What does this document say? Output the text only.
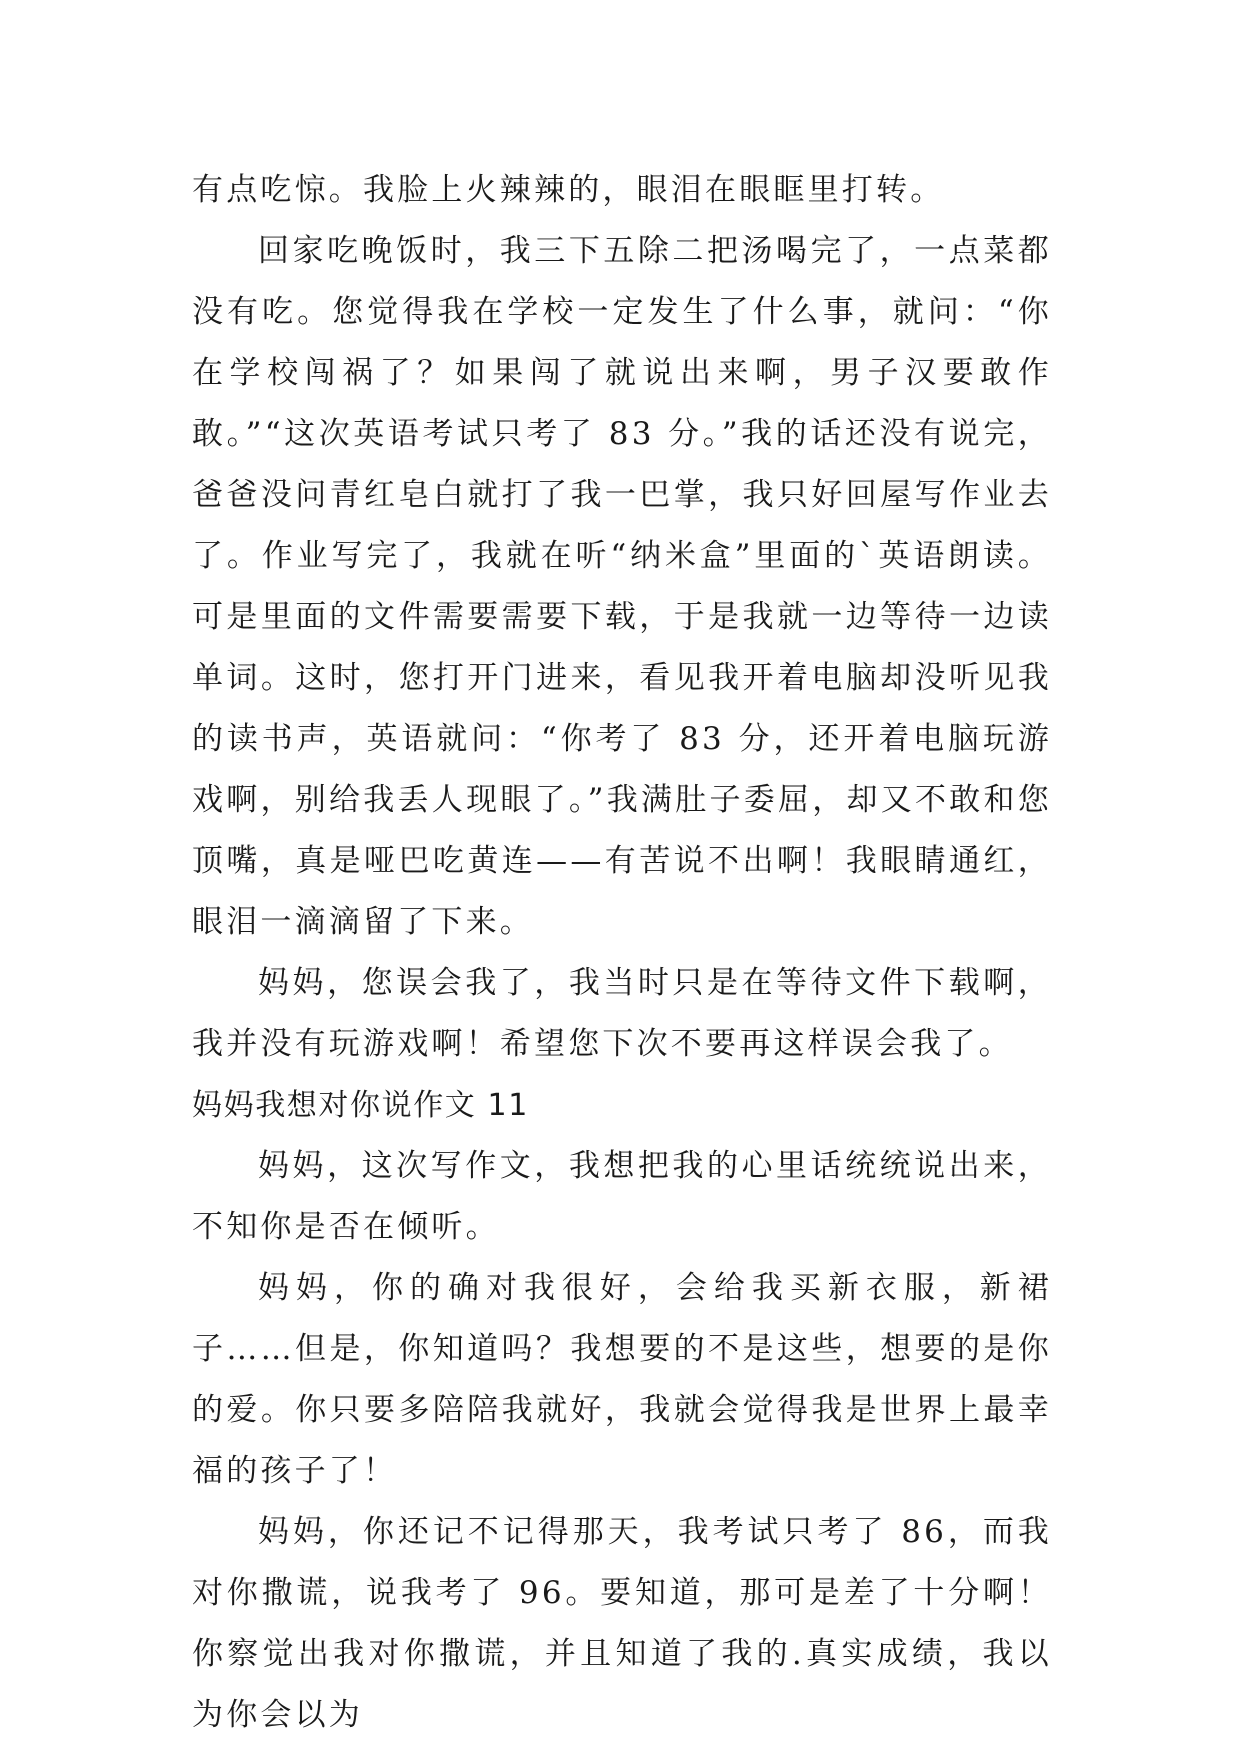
有点吃惊。我脸上火辣辣的，眼泪在眼眶里打转。

回家吃晚饭时，我三下五除二把汤喝完了，一点菜都没有吃。您觉得我在学校一定发生了什么事，就问：“你在学校闯祸了？如果闯了就说出来啊，男子汉要敢作敢。”“这次英语考试只考了 83 分。”我的话还没有说完，爸爸没问青红皂白就打了我一巴掌，我只好回屋写作业去了。作业写完了，我就在听“纳米盒”里面的`英语朗读。可是里面的文件需要需要下载，于是我就一边等待一边读单词。这时，您打开门进来，看见我开着电脑却没听见我的读书声，英语就问：“你考了 83 分，还开着电脑玩游戏啊，别给我丢人现眼了。”我满肚子委屈，却又不敢和您顶嘴，真是哑巴吃黄连——有苦说不出啊！我眼睛通红，眼泪一滴滴留了下来。

妈妈，您误会我了，我当时只是在等待文件下载啊，我并没有玩游戏啊！希望您下次不要再这样误会我了。

妈妈我想对你说作文 11

妈妈，这次写作文，我想把我的心里话统统说出来，不知你是否在倾听。

妈妈，你的确对我很好，会给我买新衣服，新裙子……但是，你知道吗？我想要的不是这些，想要的是你的爱。你只要多陪陪我就好，我就会觉得我是世界上最幸福的孩子了！

妈妈，你还记不记得那天，我考试只考了 86，而我对你撒谎，说我考了 96。要知道，那可是差了十分啊！你察觉出我对你撒谎，并且知道了我的.真实成绩，我以为你会以为
